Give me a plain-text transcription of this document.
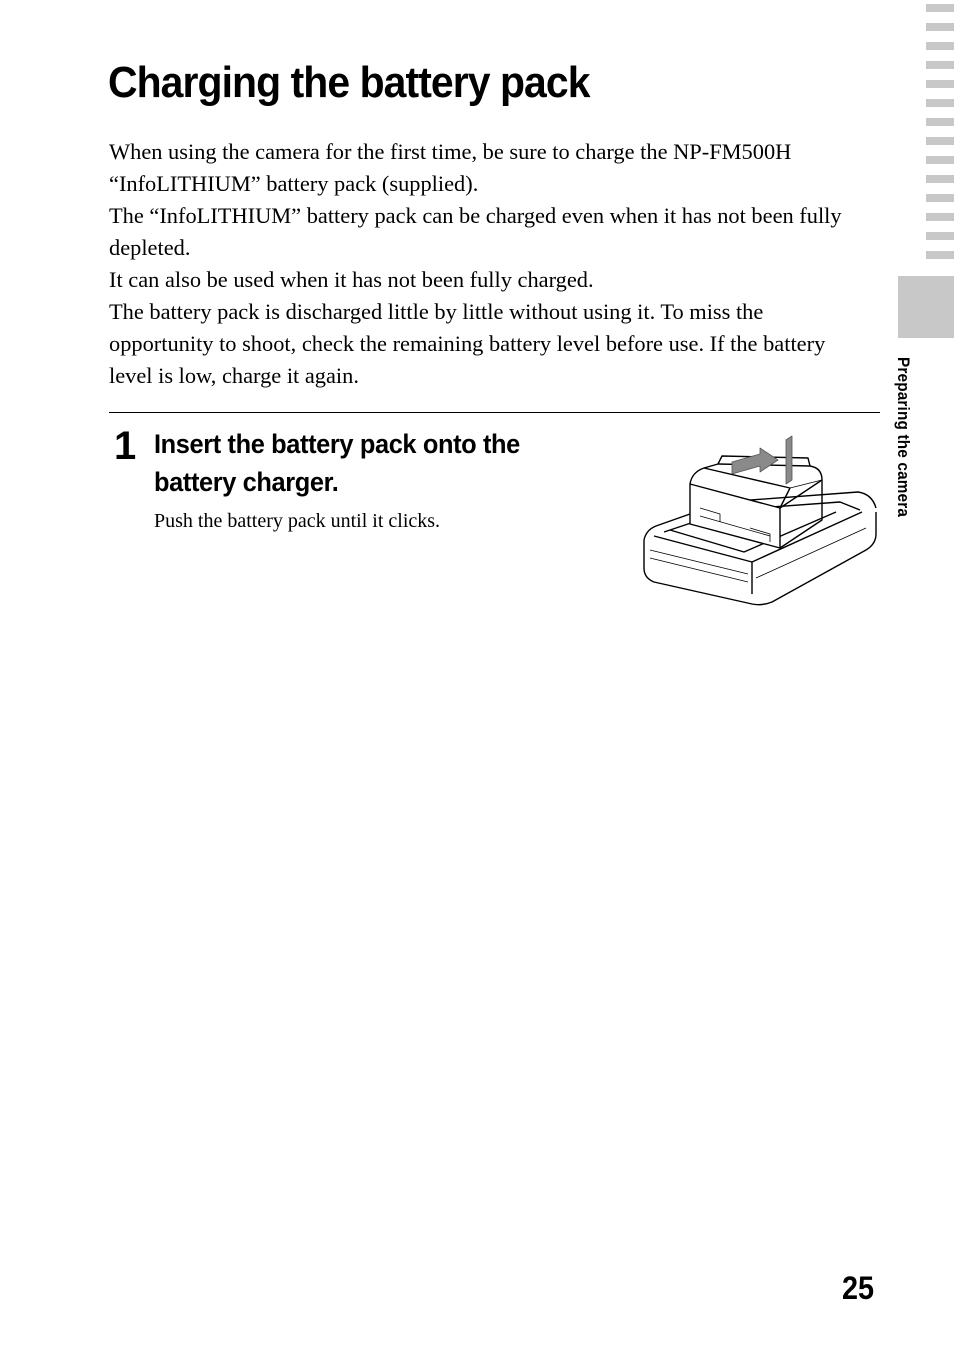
Charging the battery pack

When using the camera for the first time, be sure to charge the NP-FM500H “InfoLITHIUM” battery pack (supplied).

The “InfoLITHIUM” battery pack can be charged even when it has not been fully depleted.

It can also be used when it has not been fully charged.

The battery pack is discharged little by little without using it. To miss the opportunity to shoot, check the remaining battery level before use. If the battery level is low, charge it again.

1 Insert the battery pack onto the battery charger.
Push the battery pack until it clicks.
Preparing the camera
25
